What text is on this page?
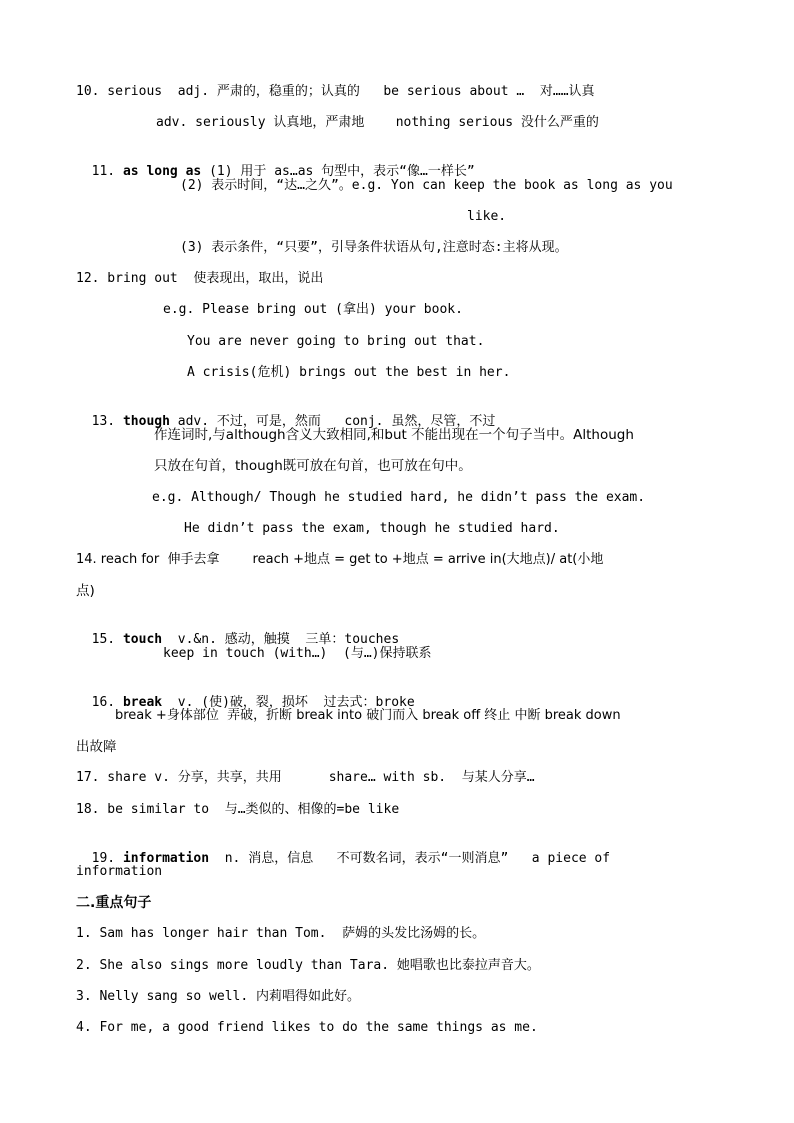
10. serious  adj. 严肃的，稳重的；认真的   be serious about …  对……认真
adv. seriously 认真地，严肃地    nothing serious 没什么严重的

11. as long as (1) 用于 as…as 句型中，表示“像…一样长”

(2) 表示时间，“达…之久”。e.g. Yon can keep the book as long as you
like.
(3) 表示条件，“只要”，引导条件状语从句,注意时态:主将从现。
12. bring out  使表现出，取出，说出
e.g. Please bring out (拿出) your book.
You are never going to bring out that.
A crisis(危机) brings out the best in her.

13. though adv. 不过，可是，然而   conj. 虽然，尽管，不过

作连词时,与although含义大致相同,和but 不能出现在一个句子当中。Although
只放在句首，though既可放在句首，也可放在句中。
e.g. Although/ Though he studied hard, he didn’t pass the exam.
He didn’t pass the exam, though he studied hard.
14. reach for  伸手去拿        reach +地点 = get to +地点 = arrive in(大地点)/ at(小地
点)

15. touch  v.&n. 感动，触摸  三单：touches

keep in touch (with…)  (与…)保持联系

16. break  v. (使)破，裂，损坏  过去式：broke

break +身体部位  弄破，折断 break into 破门而入 break off 终止 中断 break down
出故障
17. share v. 分享，共享，共用      share… with sb.  与某人分享…
18. be similar to  与…类似的、相像的=be like

19. information  n. 消息，信息   不可数名词，表示“一则消息”   a piece of

information
二.重点句子
1. Sam has longer hair than Tom.  萨姆的头发比汤姆的长。
2. She also sings more loudly than Tara. 她唱歌也比泰拉声音大。
3. Nelly sang so well. 内莉唱得如此好。
4. For me, a good friend likes to do the same things as me.
